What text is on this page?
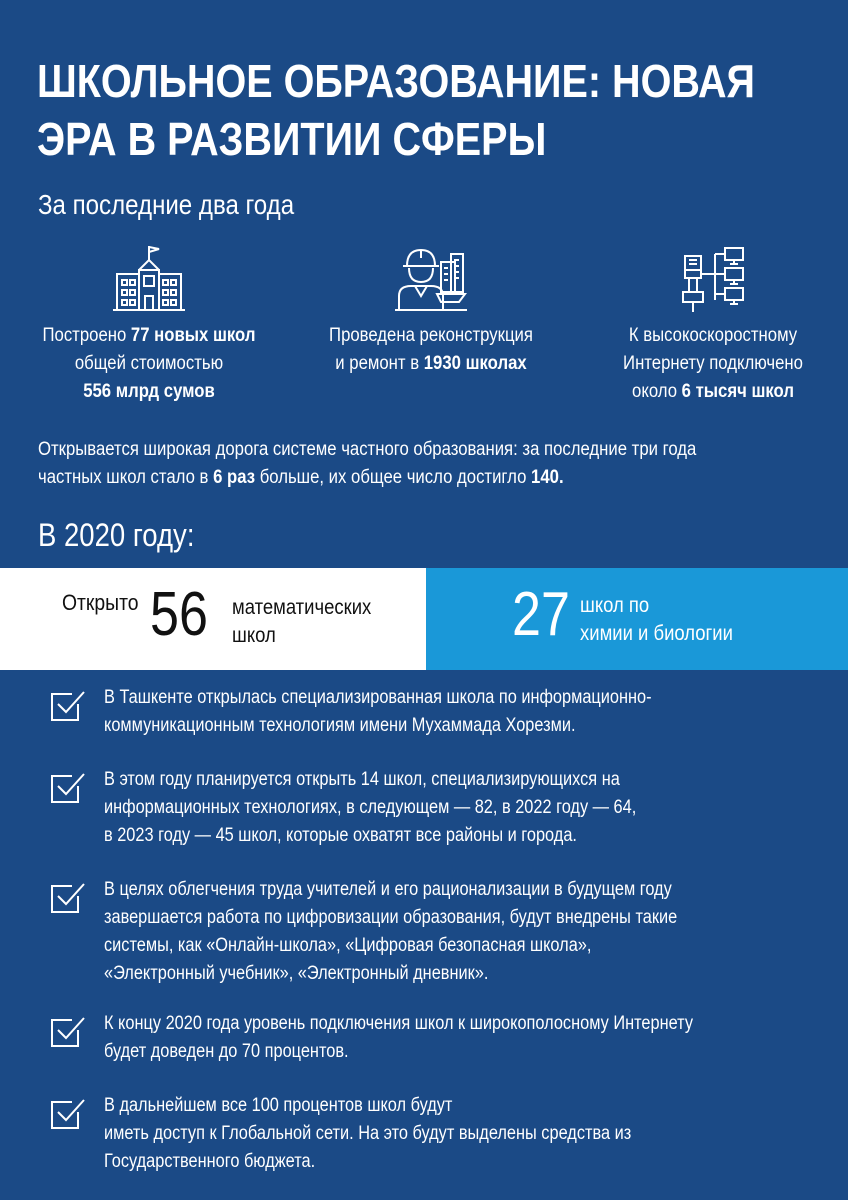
ШКОЛЬНОЕ ОБРАЗОВАНИЕ: НОВАЯ
ЭРА В РАЗВИТИИ СФЕРЫ
За последние два года
Построено 77 новых школ
общей стоимостью
556 млрд сумов
Проведена реконструкция
и ремонт в 1930 школах
К высокоскоростному
Интернету подключено
около 6 тысяч школ
Открывается широкая дорога системе частного образования: за последние три года
частных школ стало в 6 раз больше, их общее число достигло 140.
В 2020 году:
Открыто 56 математических
школ	27 школ по
химии и биологии
В Ташкенте открылась специализированная школа по информационно-
коммуникационным технологиям имени Мухаммада Хорезми.
В этом году планируется открыть 14 школ, специализирующихся на
информационных технологиях, в следующем — 82, в 2022 году — 64,
в 2023 году — 45 школ, которые охватят все районы и города.
В целях облегчения труда учителей и его рационализации в будущем году
завершается работа по цифровизации образования, будут внедрены такие
системы, как «Онлайн-школа», «Цифровая безопасная школа»,
«Электронный учебник», «Электронный дневник».
К концу 2020 года уровень подключения школ к широкополосному Интернету
будет доведен до 70 процентов.
В дальнейшем все 100 процентов школ будут
иметь доступ к Глобальной сети. На это будут выделены средства из
Государственного бюджета.
